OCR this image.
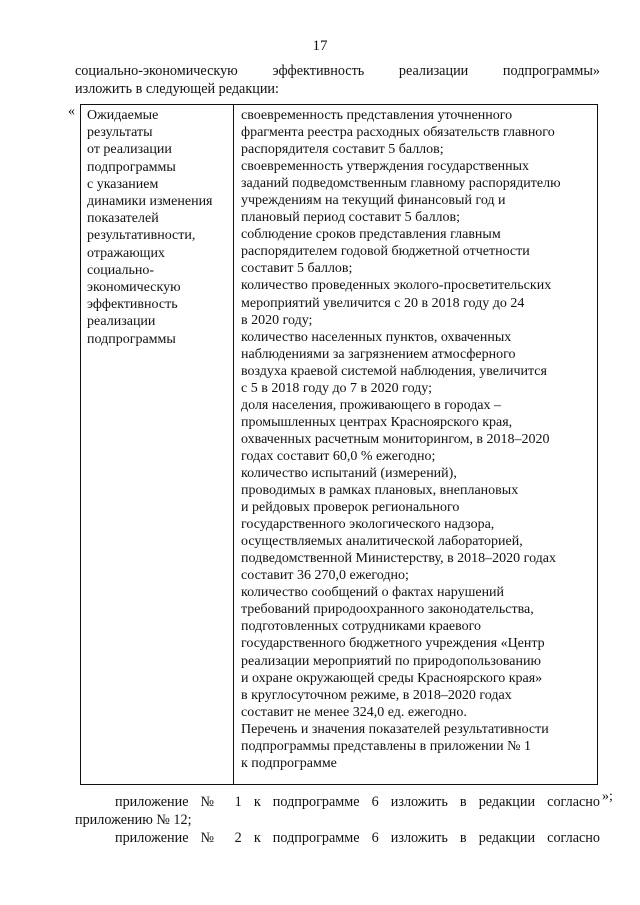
17
социально-экономическую эффективность реализации подпрограммы»
изложить в следующей редакции:
« Ожидаемые
результаты
от реализации
подпрограммы
с указанием
динамики изменения
показателей
результативности,
отражающих
социально-
экономическую
эффективность
реализации
подпрограммы
своевременность представления уточненного
фрагмента реестра расходных обязательств главного
распорядителя составит 5 баллов;
своевременность утверждения государственных
заданий подведомственным главному распорядителю
учреждениям на текущий финансовый год и
плановый период составит 5 баллов;
соблюдение сроков представления главным
распорядителем годовой бюджетной отчетности
составит 5 баллов;
количество проведенных эколого-просветительских
мероприятий увеличится с 20 в 2018 году до 24
в 2020 году;
количество населенных пунктов, охваченных
наблюдениями за загрязнением атмосферного
воздуха краевой системой наблюдения, увеличится
с 5 в 2018 году до 7 в 2020 году;
доля населения, проживающего в городах –
промышленных центрах Красноярского края,
охваченных расчетным мониторингом, в 2018–2020
годах составит 60,0 % ежегодно;
количество испытаний (измерений),
проводимых в рамках плановых, внеплановых
и рейдовых проверок регионального
государственного экологического надзора,
осуществляемых аналитической лабораторией,
подведомственной Министерству, в 2018–2020 годах
составит 36 270,0 ежегодно;
количество сообщений о фактах нарушений
требований природоохранного законодательства,
подготовленных сотрудниками краевого
государственного бюджетного учреждения «Центр
реализации мероприятий по природопользованию
и охране окружающей среды Красноярского края»
в круглосуточном режиме, в 2018–2020 годах
составит не менее 324,0 ед. ежегодно.
Перечень и значения показателей результативности
подпрограммы представлены в приложении № 1
к подпрограмме
»;
приложение № 1 к подпрограмме 6 изложить в редакции согласно
приложению № 12;
приложение № 2 к подпрограмме 6 изложить в редакции согласно
